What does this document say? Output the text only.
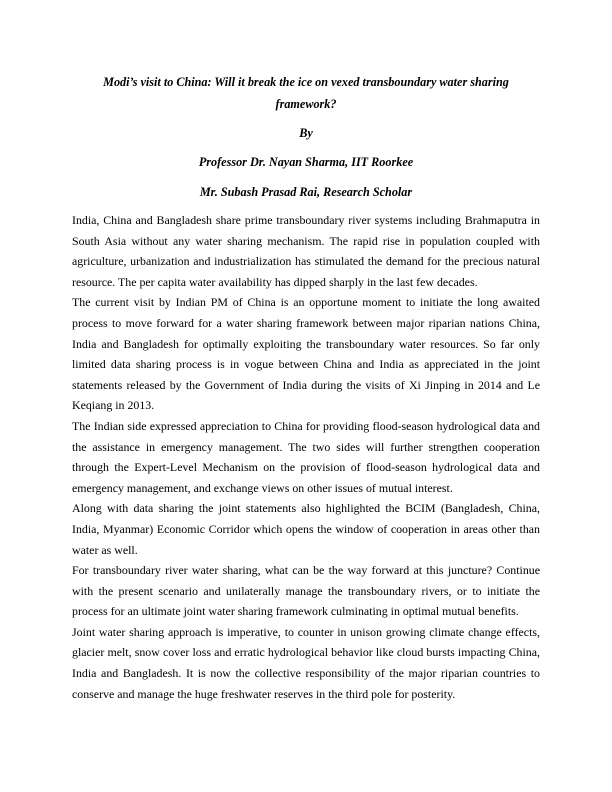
Modi’s visit to China: Will it break the ice on vexed transboundary water sharing framework?

By

Professor Dr. Nayan Sharma, IIT Roorkee

Mr. Subash Prasad Rai, Research Scholar

India, China and Bangladesh share prime transboundary river systems including Brahmaputra in South Asia without any water sharing mechanism. The rapid rise in population coupled with agriculture, urbanization and industrialization has stimulated the demand for the precious natural resource. The per capita water availability has dipped sharply in the last few decades.

The current visit by Indian PM of China is an opportune moment to initiate the long awaited process to move forward for a water sharing framework between major riparian nations China, India and Bangladesh for optimally exploiting the transboundary water resources. So far only limited data sharing process is in vogue between China and India as appreciated in the joint statements released by the Government of India during the visits of Xi Jinping in 2014 and Le Keqiang in 2013.

The Indian side expressed appreciation to China for providing flood-season hydrological data and the assistance in emergency management. The two sides will further strengthen cooperation through the Expert-Level Mechanism on the provision of flood-season hydrological data and emergency management, and exchange views on other issues of mutual interest.

Along with data sharing the joint statements also highlighted the BCIM (Bangladesh, China, India, Myanmar) Economic Corridor which opens the window of cooperation in areas other than water as well.

For transboundary river water sharing, what can be the way forward at this juncture? Continue with the present scenario and unilaterally manage the transboundary rivers, or to initiate the process for an ultimate joint water sharing framework culminating in optimal mutual benefits.

Joint water sharing approach is imperative, to counter in unison growing climate change effects, glacier melt, snow cover loss and erratic hydrological behavior like cloud bursts impacting China, India and Bangladesh. It is now the collective responsibility of the major riparian countries to conserve and manage the huge freshwater reserves in the third pole for posterity.
